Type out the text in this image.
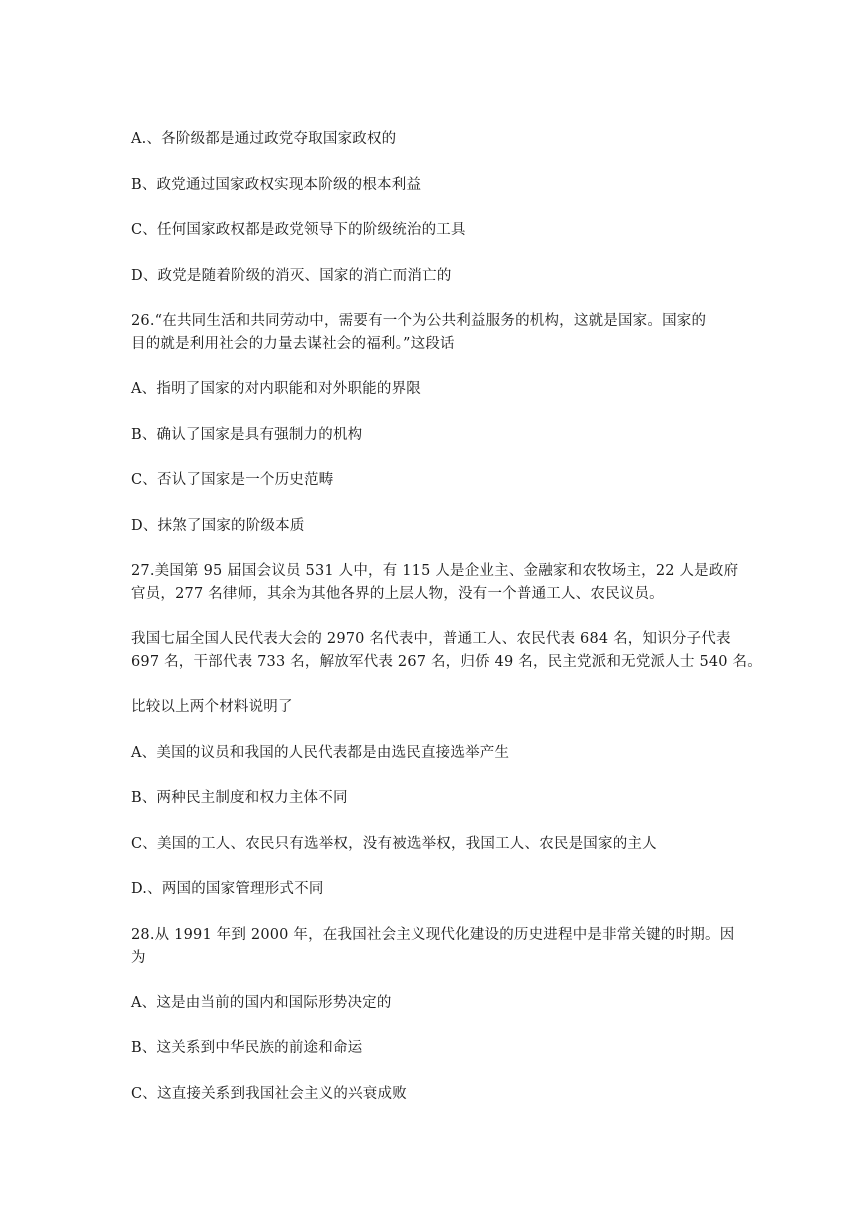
A.、各阶级都是通过政党夺取国家政权的
B、政党通过国家政权实现本阶级的根本利益
C、任何国家政权都是政党领导下的阶级统治的工具
D、政党是随着阶级的消灭、国家的消亡而消亡的
26.“在共同生活和共同劳动中，需要有一个为公共利益服务的机构，这就是国家。国家的
目的就是利用社会的力量去谋社会的福利。”这段话
A、指明了国家的对内职能和对外职能的界限
B、确认了国家是具有强制力的机构
C、否认了国家是一个历史范畴
D、抹煞了国家的阶级本质
27.美国第 95 届国会议员 531 人中，有 115 人是企业主、金融家和农牧场主，22 人是政府
官员，277 名律师，其余为其他各界的上层人物，没有一个普通工人、农民议员。
我国七届全国人民代表大会的 2970 名代表中，普通工人、农民代表 684 名，知识分子代表
697 名，干部代表 733 名，解放军代表 267 名，归侨 49 名，民主党派和无党派人士 540 名。
比较以上两个材料说明了
A、美国的议员和我国的人民代表都是由选民直接选举产生
B、两种民主制度和权力主体不同
C、美国的工人、农民只有选举权，没有被选举权，我国工人、农民是国家的主人
D.、两国的国家管理形式不同
28.从 1991 年到 2000 年，在我国社会主义现代化建设的历史进程中是非常关键的时期。因
为
A、这是由当前的国内和国际形势决定的
B、这关系到中华民族的前途和命运
C、这直接关系到我国社会主义的兴衰成败
